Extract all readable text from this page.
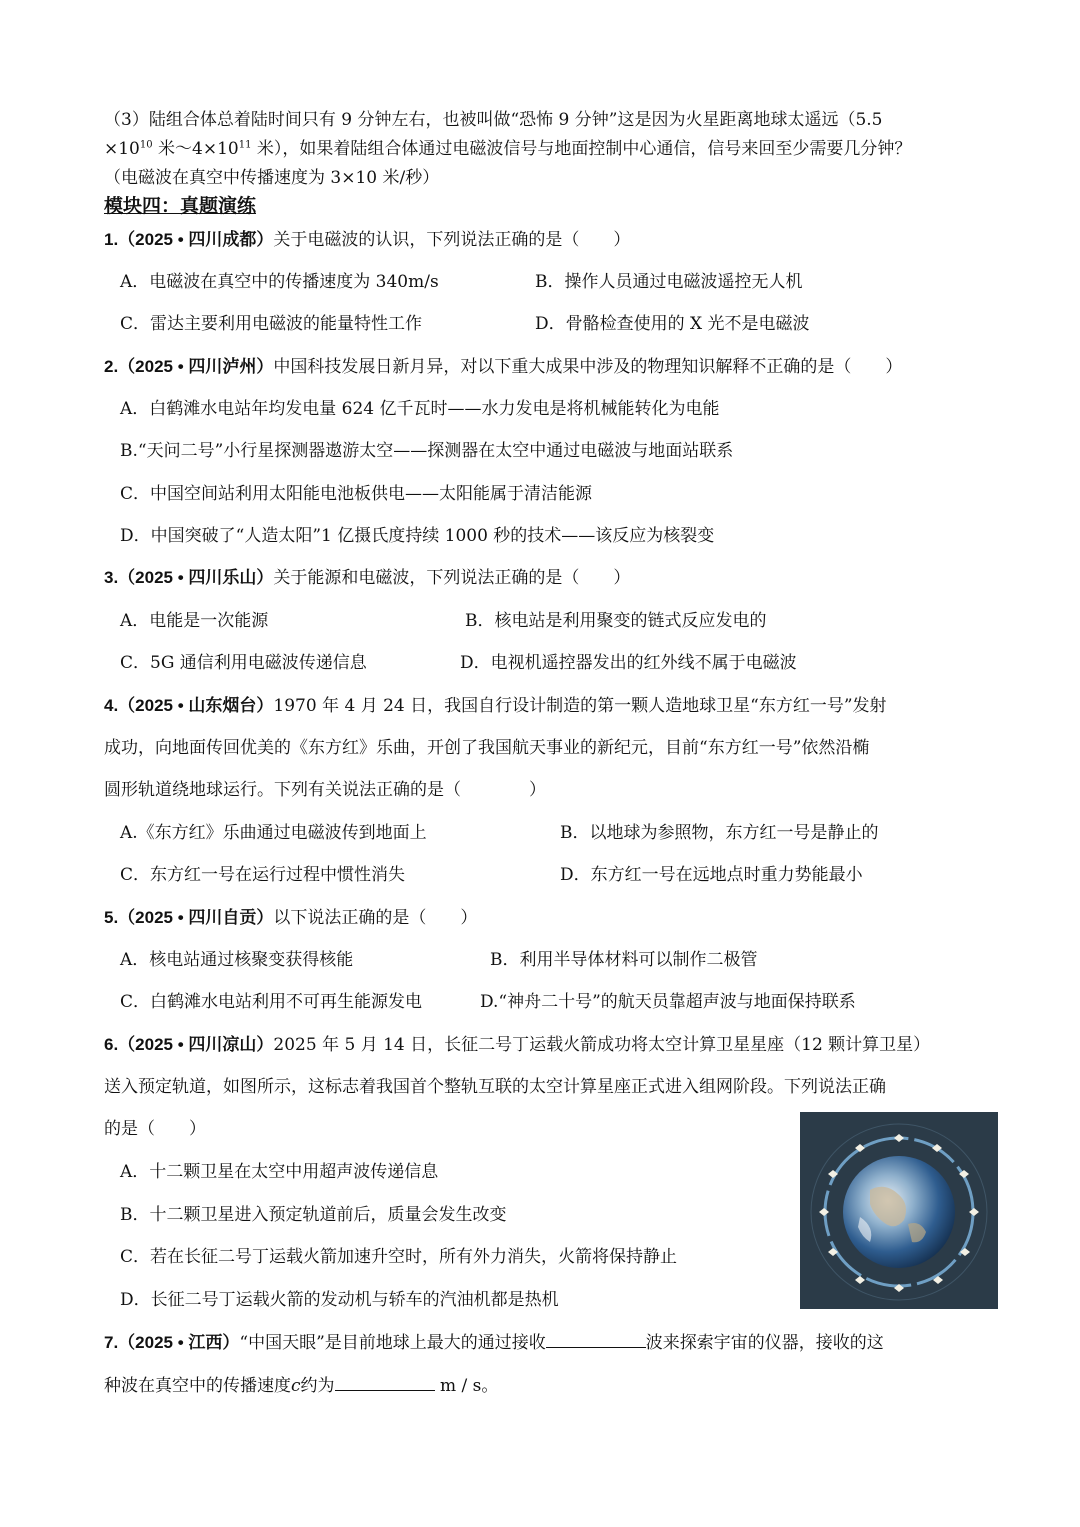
（3）陆组合体总着陆时间只有 9 分钟左右，也被叫做“恐怖 9 分钟”这是因为火星距离地球太遥远（5.5
$\times 10^{10}$ 米$\sim 4\times 10^{11}$ 米），如果着陆组合体通过电磁波信号与地面控制中心通信，信号来回至少需要几分钟？
（电磁波在真空中传播速度为 3×10 米/秒）
模块四：真题演练
1.（2025 • 四川成都）关于电磁波的认识，下列说法正确的是（　　）
A．电磁波在真空中的传播速度为 340m/s	B．操作人员通过电磁波遥控无人机
C．雷达主要利用电磁波的能量特性工作	D．骨骼检查使用的 X 光不是电磁波
2.（2025 • 四川泸州）中国科技发展日新月异，对以下重大成果中涉及的物理知识解释不正确的是（　　）
A．白鹤滩水电站年均发电量 624 亿千瓦时——水力发电是将机械能转化为电能
B.“天问二号”小行星探测器遨游太空——探测器在太空中通过电磁波与地面站联系
C．中国空间站利用太阳能电池板供电——太阳能属于清洁能源
D．中国突破了“人造太阳”1 亿摄氏度持续 1000 秒的技术——该反应为核裂变
3.（2025 • 四川乐山）关于能源和电磁波，下列说法正确的是（　　）
A．电能是一次能源	B．核电站是利用聚变的链式反应发电的
C．5G 通信利用电磁波传递信息	D．电视机遥控器发出的红外线不属于电磁波
4.（2025 • 山东烟台）1970 年 4 月 24 日，我国自行设计制造的第一颗人造地球卫星“东方红一号”发射
成功，向地面传回优美的《东方红》乐曲，开创了我国航天事业的新纪元，目前“东方红一号”依然沿椭
圆形轨道绕地球运行。下列有关说法正确的是（　　　　）
A.《东方红》乐曲通过电磁波传到地面上	B．以地球为参照物，东方红一号是静止的
C．东方红一号在运行过程中惯性消失	D．东方红一号在远地点时重力势能最小
5.（2025 • 四川自贡）以下说法正确的是（　　）
A．核电站通过核聚变获得核能	B．利用半导体材料可以制作二极管
C．白鹤滩水电站利用不可再生能源发电	D.“神舟二十号”的航天员靠超声波与地面保持联系
6.（2025 • 四川凉山）2025 年 5 月 14 日，长征二号丁运载火箭成功将太空计算卫星星座（12 颗计算卫星）
送入预定轨道，如图所示，这标志着我国首个整轨互联的太空计算星座正式进入组网阶段。下列说法正确
的是（　　）
A．十二颗卫星在太空中用超声波传递信息
B．十二颗卫星进入预定轨道前后，质量会发生改变
C．若在长征二号丁运载火箭加速升空时，所有外力消失，火箭将保持静止
D．长征二号丁运载火箭的发动机与轿车的汽油机都是热机
7.（2025 • 江西）“中国天眼”是目前地球上最大的通过接收	波来探索宇宙的仪器，接收的这
种波在真空中的传播速度c约为	m / s。
